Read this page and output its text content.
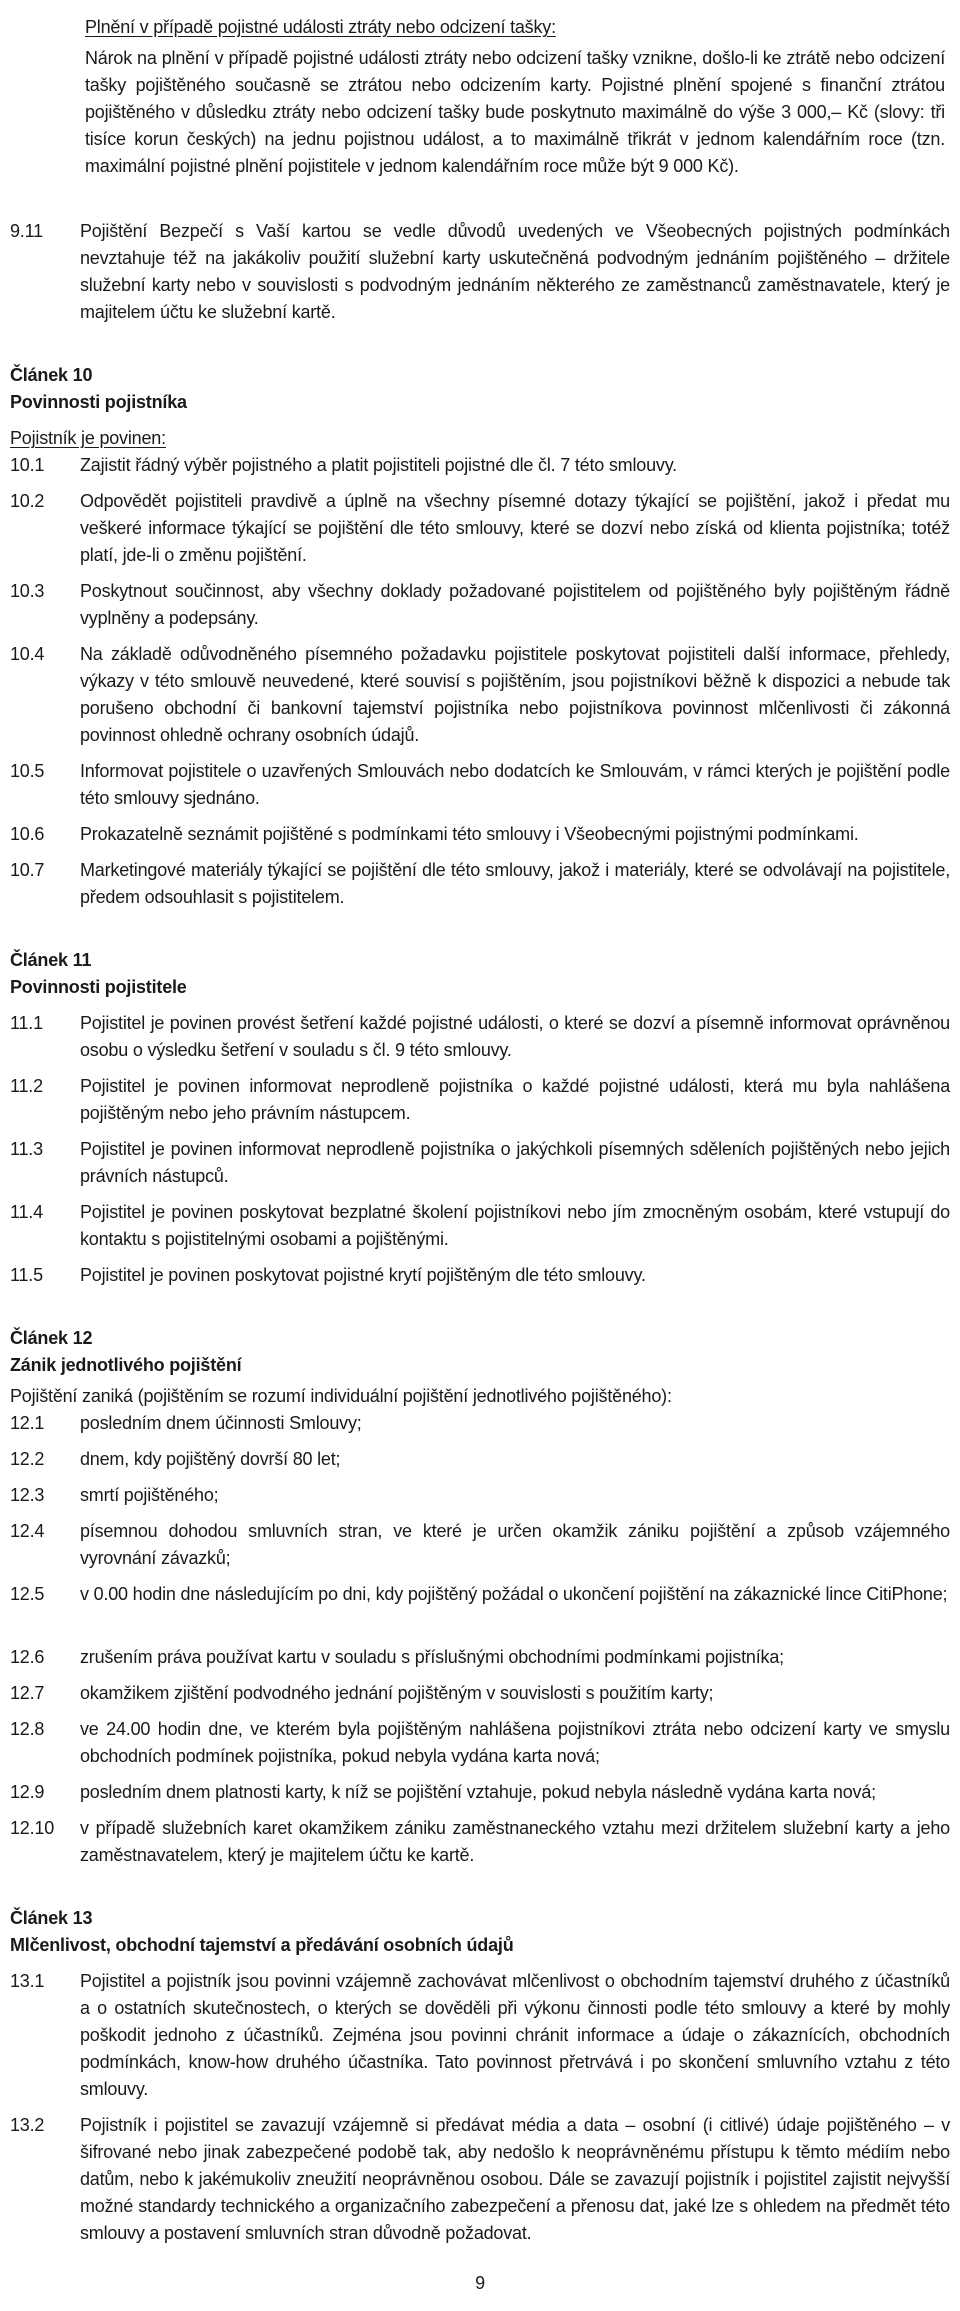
Plnění v případě pojistné události ztráty nebo odcizení tašky:
Nárok na plnění v případě pojistné události ztráty nebo odcizení tašky vznikne, došlo-li ke ztrátě nebo odcizení tašky pojištěného současně se ztrátou nebo odcizením karty. Pojistné plnění spojené s finanční ztrátou pojištěného v důsledku ztráty nebo odcizení tašky bude poskytnuto maximálně do výše 3 000,– Kč (slovy: tři tisíce korun českých) na jednu pojistnou událost, a to maximálně třikrát v jednom kalendářním roce (tzn. maximální pojistné plnění pojistitele v jednom kalendářním roce může být 9 000 Kč).
9.11	Pojištění Bezpečí s Vaší kartou se vedle důvodů uvedených ve Všeobecných pojistných podmínkách nevztahuje též na jakákoliv použití služební karty uskutečněná podvodným jednáním pojištěného – držitele služební karty nebo v souvislosti s podvodným jednáním některého ze zaměstnanců zaměstnavatele, který je majitelem účtu ke služební kartě.
Článek 10
Povinnosti pojistníka
Pojistník je povinen:
10.1	Zajistit řádný výběr pojistného a platit pojistiteli pojistné dle čl. 7 této smlouvy.
10.2	Odpovědět pojistiteli pravdivě a úplně na všechny písemné dotazy týkající se pojištění, jakož i předat mu veškeré informace týkající se pojištění dle této smlouvy, které se dozví nebo získá od klienta pojistníka; totéž platí, jde-li o změnu pojištění.
10.3	Poskytnout součinnost, aby všechny doklady požadované pojistitelem od pojištěného byly pojištěným řádně vyplněny a podepsány.
10.4	Na základě odůvodněného písemného požadavku pojistitele poskytovat pojistiteli další informace, přehledy, výkazy v této smlouvě neuvedené, které souvisí s pojištěním, jsou pojistníkovi běžně k dispozici a nebude tak porušeno obchodní či bankovní tajemství pojistníka nebo pojistníkova povinnost mlčenlivosti či zákonná povinnost ohledně ochrany osobních údajů.
10.5	Informovat pojistitele o uzavřených Smlouvách nebo dodatcích ke Smlouvám, v rámci kterých je pojištění podle této smlouvy sjednáno.
10.6	Prokazatelně seznámit pojištěné s podmínkami této smlouvy i Všeobecnými pojistnými podmínkami.
10.7	Marketingové materiály týkající se pojištění dle této smlouvy, jakož i materiály, které se odvolávají na pojistitele, předem odsouhlasit s pojistitelem.
Článek 11
Povinnosti pojistitele
11.1	Pojistitel je povinen provést šetření každé pojistné události, o které se dozví a písemně informovat oprávněnou osobu o výsledku šetření v souladu s čl. 9 této smlouvy.
11.2	Pojistitel je povinen informovat neprodleně pojistníka o každé pojistné události, která mu byla nahlášena pojištěným nebo jeho právním nástupcem.
11.3	Pojistitel je povinen informovat neprodleně pojistníka o jakýchkoli písemných sděleních pojištěných nebo jejich právních nástupců.
11.4	Pojistitel je povinen poskytovat bezplatné školení pojistníkovi nebo jím zmocněným osobám, které vstupují do kontaktu s pojistitelnými osobami a pojištěnými.
11.5	Pojistitel je povinen poskytovat pojistné krytí pojištěným dle této smlouvy.
Článek 12
Zánik jednotlivého pojištění
Pojištění zaniká (pojištěním se rozumí individuální pojištění jednotlivého pojištěného):
12.1	posledním dnem účinnosti Smlouvy;
12.2	dnem, kdy pojištěný dovrší 80 let;
12.3	smrtí pojištěného;
12.4	písemnou dohodou smluvních stran, ve které je určen okamžik zániku pojištění a způsob vzájemného vyrovnání závazků;
12.5	v 0.00 hodin dne následujícím po dni, kdy pojištěný požádal o ukončení pojištění na zákaznické lince CitiPhone;
12.6	zrušením práva používat kartu v souladu s příslušnými obchodními podmínkami pojistníka;
12.7	okamžikem zjištění podvodného jednání pojištěným v souvislosti s použitím karty;
12.8	ve 24.00 hodin dne, ve kterém byla pojištěným nahlášena pojistníkovi ztráta nebo odcizení karty ve smyslu obchodních podmínek pojistníka, pokud nebyla vydána karta nová;
12.9	posledním dnem platnosti karty, k níž se pojištění vztahuje, pokud nebyla následně vydána karta nová;
12.10	v případě služebních karet okamžikem zániku zaměstnaneckého vztahu mezi držitelem služební karty a jeho zaměstnavatelem, který je majitelem účtu ke kartě.
Článek 13
Mlčenlivost, obchodní tajemství a předávání osobních údajů
13.1	Pojistitel a pojistník jsou povinni vzájemně zachovávat mlčenlivost o obchodním tajemství druhého z účastníků a o ostatních skutečnostech, o kterých se dověděli při výkonu činnosti podle této smlouvy a které by mohly poškodit jednoho z účastníků. Zejména jsou povinni chránit informace a údaje o zákaznících, obchodních podmínkách, know-how druhého účastníka. Tato povinnost přetrvává i po skončení smluvního vztahu z této smlouvy.
13.2	Pojistník i pojistitel se zavazují vzájemně si předávat média a data – osobní (i citlivé) údaje pojištěného – v šifrované nebo jinak zabezpečené podobě tak, aby nedošlo k neoprávněnému přístupu k těmto médiím nebo datům, nebo k jakémukoliv zneužití neoprávněnou osobou. Dále se zavazují pojistník i pojistitel zajistit nejvyšší možné standardy technického a organizačního zabezpečení a přenosu dat, jaké lze s ohledem na předmět této smlouvy a postavení smluvních stran důvodně požadovat.
9
